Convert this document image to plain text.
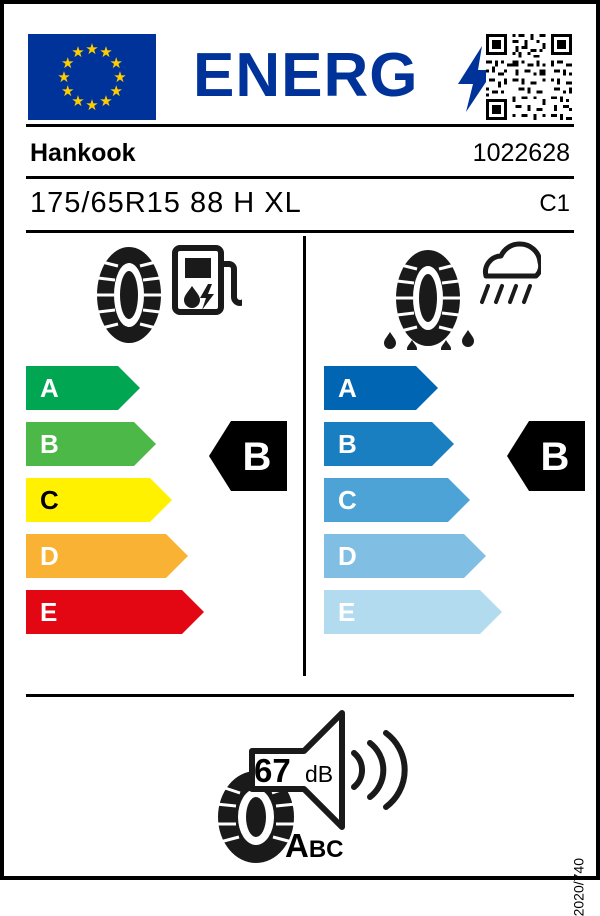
★ ★
★
★
★
★
★
★
★
★
★
★ ENERG
Hankook	1022628
175/65R15 88 H XL	C1
A
B
C
D
E
B
A
B
C
D
E
B
67 dB
ABC
2020/740
